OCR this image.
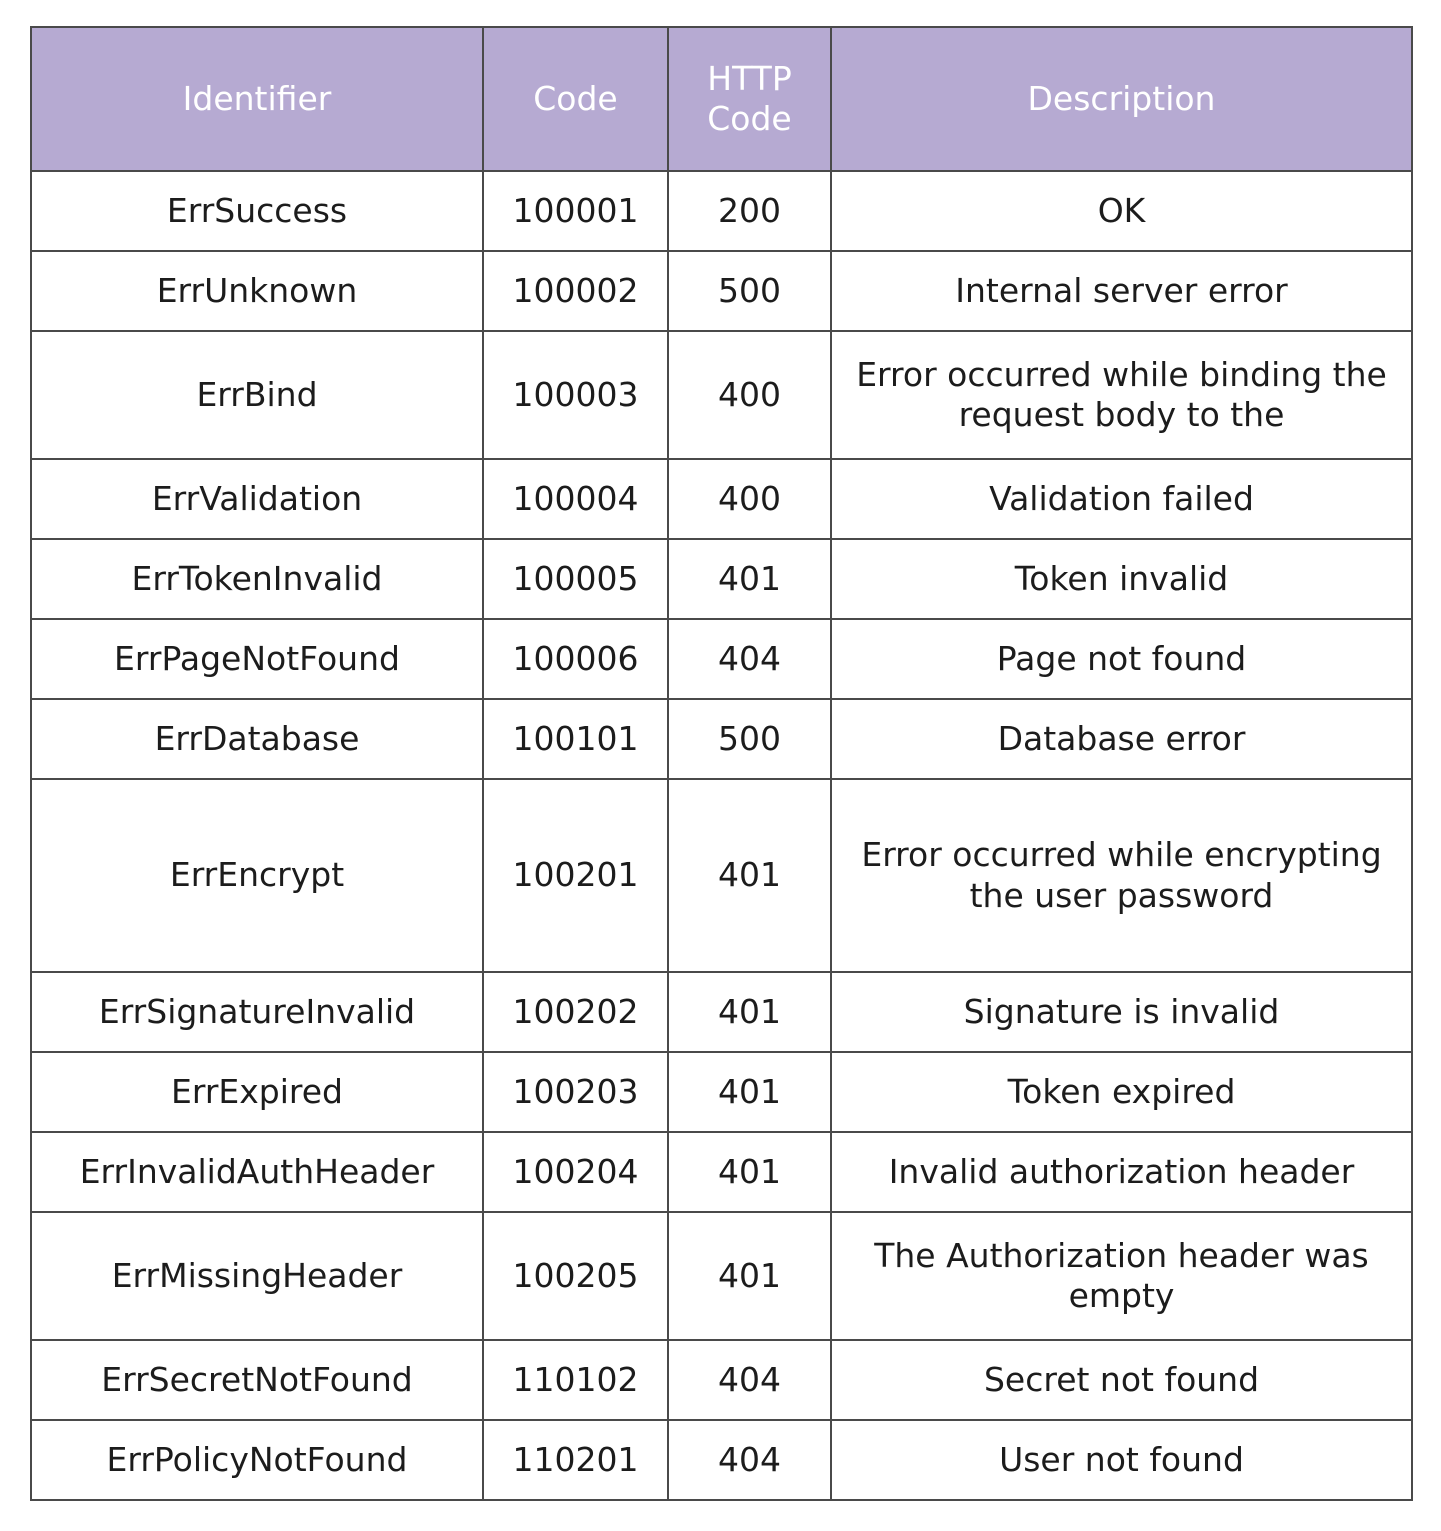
Identifier	Code	HTTP Code	Description
ErrSuccess	100001	200	OK
ErrUnknown	100002	500	Internal server error
ErrBind	100003	400	Error occurred while binding the request body to the
ErrValidation	100004	400	Validation failed
ErrTokenInvalid	100005	401	Token invalid
ErrPageNotFound	100006	404	Page not found
ErrDatabase	100101	500	Database error
ErrEncrypt	100201	401	Error occurred while encrypting the user password
ErrSignatureInvalid	100202	401	Signature is invalid
ErrExpired	100203	401	Token expired
ErrInvalidAuthHeader	100204	401	Invalid authorization header
ErrMissingHeader	100205	401	The Authorization header was empty
ErrSecretNotFound	110102	404	Secret not found
ErrPolicyNotFound	110201	404	User not found
